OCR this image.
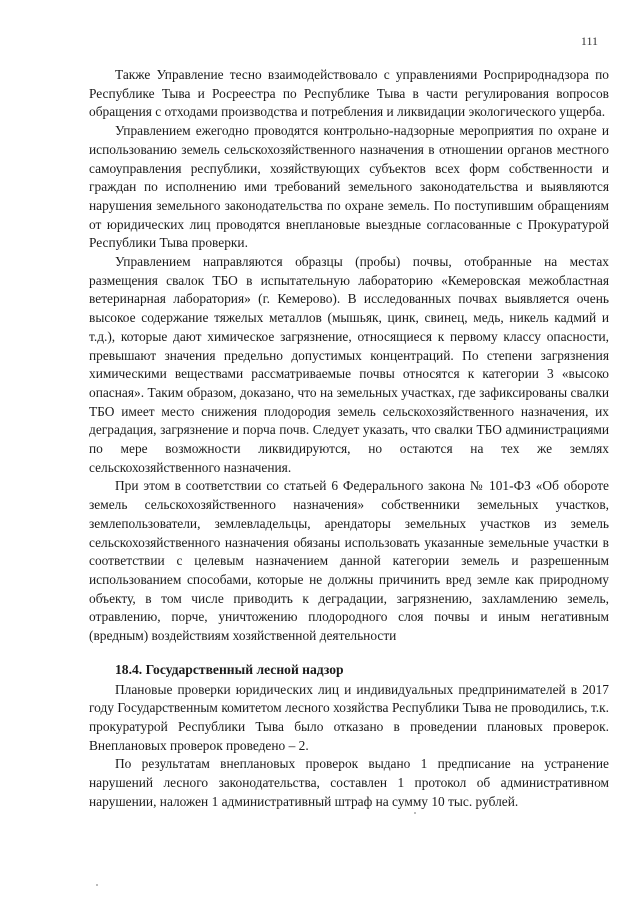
111

Также Управление тесно взаимодействовало с управлениями Росприроднадзора по Республике Тыва и Росреестра по Республике Тыва в части регулирования вопросов обращения с отходами производства и потребления и ликвидации экологического ущерба.

Управлением ежегодно проводятся контрольно-надзорные мероприятия по охране и использованию земель сельскохозяйственного назначения в отношении органов местного самоуправления республики, хозяйствующих субъектов всех форм собственности и граждан по исполнению ими требований земельного законодательства и выявляются нарушения земельного законодательства по охране земель. По поступившим обращениям от юридических лиц проводятся внеплановые выездные согласованные с Прокуратурой Республики Тыва проверки.

Управлением направляются образцы (пробы) почвы, отобранные на местах размещения свалок ТБО в испытательную лабораторию «Кемеровская межобластная ветеринарная лаборатория» (г. Кемерово). В исследованных почвах выявляется очень высокое содержание тяжелых металлов (мышьяк, цинк, свинец, медь, никель кадмий и т.д.), которые дают химическое загрязнение, относящиеся к первому классу опасности, превышают значения предельно допустимых концентраций. По степени загрязнения химическими веществами рассматриваемые почвы относятся к категории 3 «высоко опасная». Таким образом, доказано, что на земельных участках, где зафиксированы свалки ТБО имеет место снижения плодородия земель сельскохозяйственного назначения, их деградация, загрязнение и порча почв. Следует указать, что свалки ТБО администрациями по мере возможности ликвидируются, но остаются на тех же землях сельскохозяйственного назначения.

При этом в соответствии со статьей 6 Федерального закона № 101-ФЗ «Об обороте земель сельскохозяйственного назначения» собственники земельных участков, землепользователи, землевладельцы, арендаторы земельных участков из земель сельскохозяйственного назначения обязаны использовать указанные земельные участки в соответствии с целевым назначением данной категории земель и разрешенным использованием способами, которые не должны причинить вред земле как природному объекту, в том числе приводить к деградации, загрязнению, захламлению земель, отравлению, порче, уничтожению плодородного слоя почвы и иным негативным (вредным) воздействиям хозяйственной деятельности

18.4. Государственный лесной надзор

Плановые проверки юридических лиц и индивидуальных предпринимателей в 2017 году Государственным комитетом лесного хозяйства Республики Тыва не проводились, т.к. прокуратурой Республики Тыва было отказано в проведении плановых проверок. Внеплановых проверок проведено – 2.

По результатам внеплановых проверок выдано 1 предписание на устранение нарушений лесного законодательства, составлен 1 протокол об административном нарушении, наложен 1 административный штраф на сумму 10 тыс. рублей.
